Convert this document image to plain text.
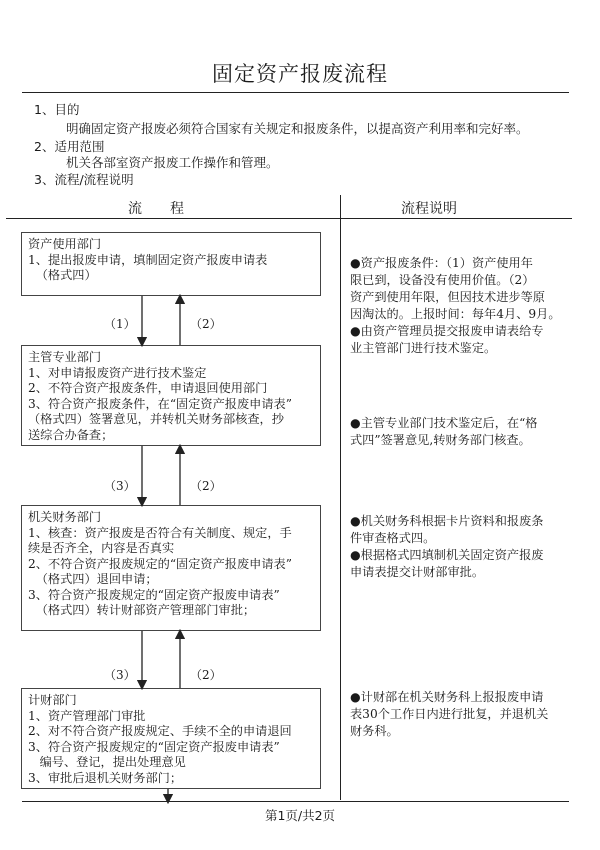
固定资产报废流程
1、目的
明确固定资产报废必须符合国家有关规定和报废条件，以提高资产利用率和完好率。
2、适用范围
机关各部室资产报废工作操作和管理。
3、流程/流程说明
流　　程	流程说明
资产使用部门
1、提出报废申请，填制固定资产报废申请表
（格式四）
主管专业部门
1、对申请报废资产进行技术鉴定
2、不符合资产报废条件，申请退回使用部门
3、符合资产报废条件，在“固定资产报废申请表”
（格式四）签署意见，并转机关财务部核查，抄
送综合办备查；
机关财务部门
1、核查：资产报废是否符合有关制度、规定，手
续是否齐全，内容是否真实
2、不符合资产报废规定的“固定资产报废申请表”
（格式四）退回申请；
3、符合资产报废规定的“固定资产报废申请表”
（格式四）转计财部资产管理部门审批；
计财部门
1、资产管理部门审批
2、对不符合资产报废规定、手续不全的申请退回
3、符合资产报废规定的“固定资产报废申请表”
编号、登记，提出处理意见
3、审批后退机关财务部门；
（1）	（2）
（3）	（2）
（3）	（2）
●资产报废条件：（1）资产使用年
限已到，设备没有使用价值。（2）
资产到使用年限，但因技术进步等原
因淘汰的。上报时间：每年4月、9月。
●由资产管理员提交报废申请表给专
业主管部门进行技术鉴定。
●主管专业部门技术鉴定后，在“格
式四”签署意见,转财务部门核查。
●机关财务科根据卡片资料和报废条
件审查格式四。
●根据格式四填制机关固定资产报废
申请表提交计财部审批。
●计财部在机关财务科上报报废申请
表30个工作日内进行批复，并退机关
财务科。
第1页/共2页
